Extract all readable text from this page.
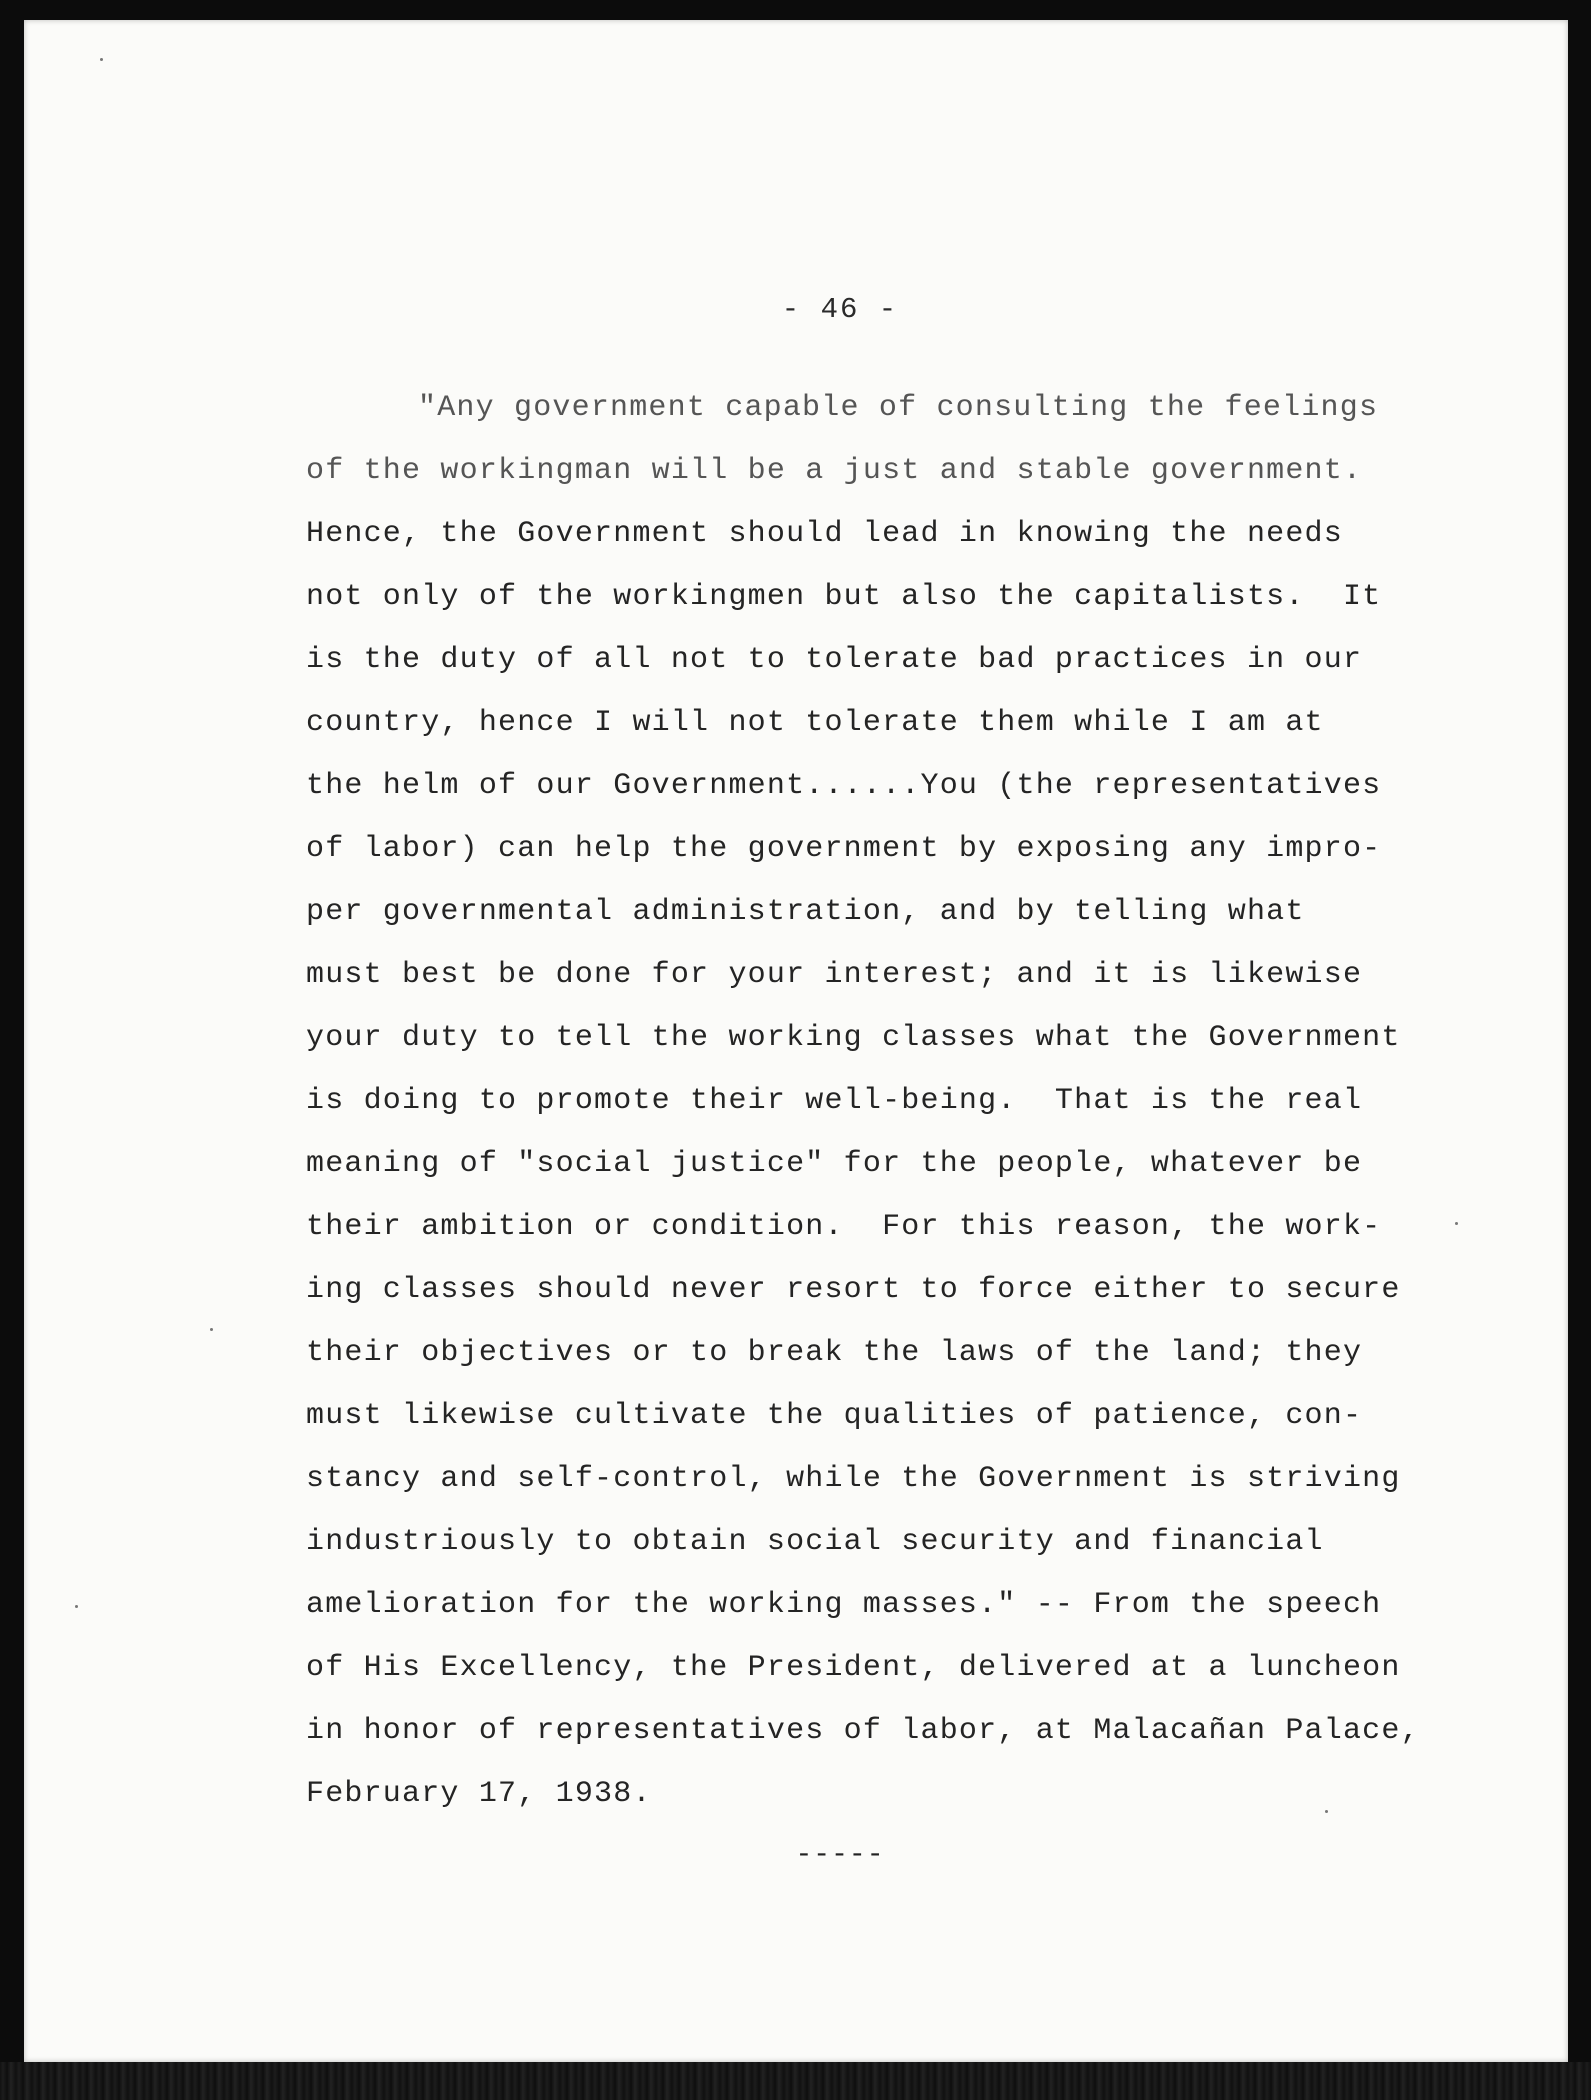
- 46 -

"Any government capable of consulting the feelings

of the workingman will be a just and stable government.

Hence, the Government should lead in knowing the needs

not only of the workingmen but also the capitalists.  It

is the duty of all not to tolerate bad practices in our

country, hence I will not tolerate them while I am at

the helm of our Government......You (the representatives

of labor) can help the government by exposing any impro-

per governmental administration, and by telling what

must best be done for your interest; and it is likewise

your duty to tell the working classes what the Government

is doing to promote their well-being.  That is the real

meaning of "social justice" for the people, whatever be

their ambition or condition.  For this reason, the work-

ing classes should never resort to force either to secure

their objectives or to break the laws of the land; they

must likewise cultivate the qualities of patience, con-

stancy and self-control, while the Government is striving

industriously to obtain social security and financial

amelioration for the working masses." -- From the speech

of His Excellency, the President, delivered at a luncheon

in honor of representatives of labor, at Malacañan Palace,

February 17, 1938.

-----
